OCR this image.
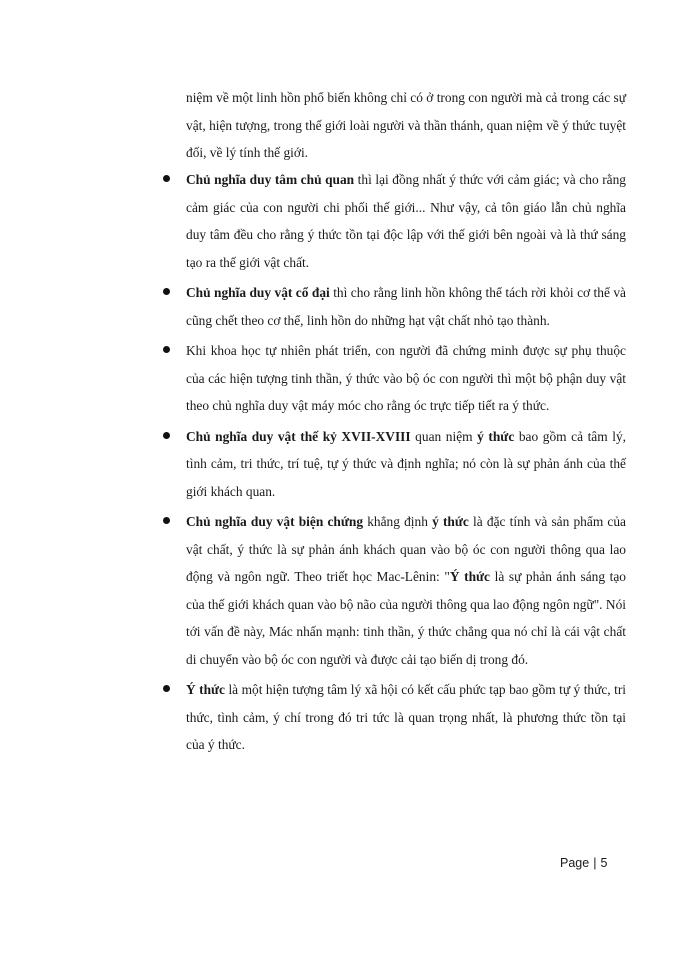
niệm về một linh hồn phổ biến không chỉ có ở trong con người mà cả trong các sự vật, hiện tượng, trong thế giới loài người và thần thánh, quan niệm về ý thức tuyệt đối, về lý tính thế giới.

Chủ nghĩa duy tâm chủ quan thì lại đồng nhất ý thức với cảm giác; và cho rằng cảm giác của con người chi phối thế giới... Như vậy, cả tôn giáo lẫn chủ nghĩa duy tâm đều cho rằng ý thức tồn tại độc lập với thế giới bên ngoài và là thứ sáng tạo ra thế giới vật chất.
Chủ nghĩa duy vật cổ đại thì cho rằng linh hồn không thể tách rời khỏi cơ thể và cũng chết theo cơ thể, linh hồn do những hạt vật chất nhỏ tạo thành.
Khi khoa học tự nhiên phát triển, con người đã chứng minh được sự phụ thuộc của các hiện tượng tinh thần, ý thức vào bộ óc con người thì một bộ phận duy vật theo chủ nghĩa duy vật máy móc cho rằng óc trực tiếp tiết ra ý thức.
Chủ nghĩa duy vật thế kỷ XVII-XVIII quan niệm ý thức bao gồm cả tâm lý, tình cảm, tri thức, trí tuệ, tự ý thức và định nghĩa; nó còn là sự phản ánh của thế giới khách quan.
Chủ nghĩa duy vật biện chứng khẳng định ý thức là đặc tính và sản phẩm của vật chất, ý thức là sự phản ánh khách quan vào bộ óc con người thông qua lao động và ngôn ngữ. Theo triết học Mac-Lênin: "Ý thức là sự phản ánh sáng tạo của thế giới khách quan vào bộ não của người thông qua lao động ngôn ngữ". Nói tới vấn đề này, Mác nhấn mạnh: tinh thần, ý thức chẳng qua nó chỉ là cái vật chất di chuyển vào bộ óc con người và được cải tạo biến dị trong đó.
Ý thức là một hiện tượng tâm lý xã hội có kết cấu phức tạp bao gồm tự ý thức, tri thức, tình cảm, ý chí trong đó tri tức là quan trọng nhất, là phương thức tồn tại của ý thức.
Page | 5
